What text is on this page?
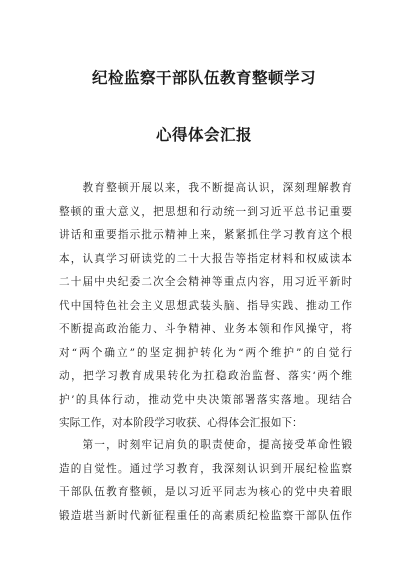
纪检监察干部队伍教育整顿学习
心得体会汇报
　　教育整顿开展以来，我不断提高认识，深刻理解教育
整顿的重大意义，把思想和行动统一到习近平总书记重要
讲话和重要指示批示精神上来，紧紧抓住学习教育这个根
本，认真学习研读党的二十大报告等指定材料和权威读本
二十届中央纪委二次全会精神等重点内容，用习近平新时
代中国特色社会主义思想武装头脑、指导实践、推动工作
不断提高政治能力、斗争精神、业务本领和作风操守，将
对“两个确立”的坚定拥护转化为“两个维护”的自觉行
动，把学习教育成果转化为扛稳政治监督、落实‘两个维
护’的具体行动，推动党中央决策部署落实落地。现结合
实际工作，对本阶段学习收获、心得体会汇报如下：
　　第一，时刻牢记肩负的职责使命，提高接受革命性锻
造的自觉性。通过学习教育，我深刻认识到开展纪检监察
干部队伍教育整顿，是以习近平同志为核心的党中央着眼
锻造堪当新时代新征程重任的高素质纪检监察干部队伍作
